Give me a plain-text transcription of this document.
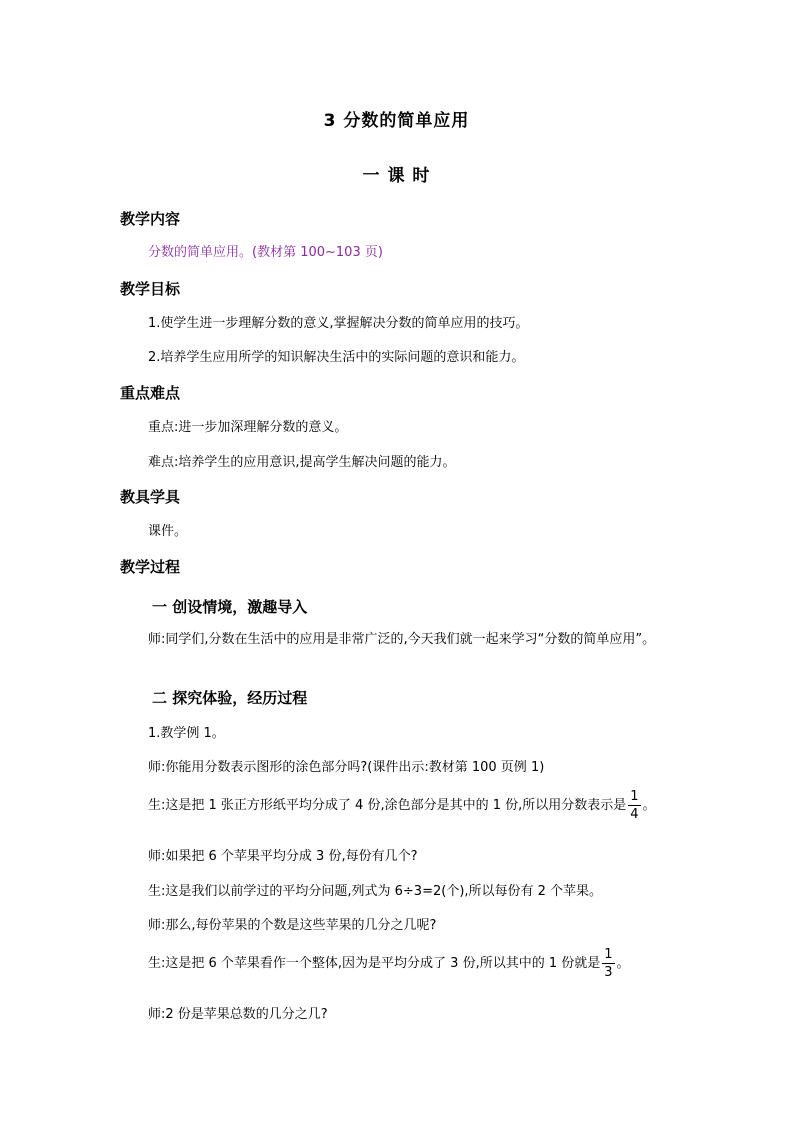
3 分数的简单应用
一 课 时
教学内容
分数的简单应用。(教材第 100~103 页)
教学目标
1.使学生进一步理解分数的意义,掌握解决分数的简单应用的技巧。
2.培养学生应用所学的知识解决生活中的实际问题的意识和能力。
重点难点
重点:进一步加深理解分数的意义。
难点:培养学生的应用意识,提高学生解决问题的能力。
教具学具
课件。
教学过程
一 创设情境，激趣导入
师:同学们,分数在生活中的应用是非常广泛的,今天我们就一起来学习“分数的简单应用”。
二 探究体验，经历过程
1.教学例 1。
师:你能用分数表示图形的涂色部分吗?(课件出示:教材第 100 页例 1)
生:这是把 1 张正方形纸平均分成了 4 份,涂色部分是其中的 1 份,所以用分数表示是 $\frac{1}{4}$ 。
师:如果把 6 个苹果平均分成 3 份,每份有几个?
生:这是我们以前学过的平均分问题,列式为 6÷3=2(个),所以每份有 2 个苹果。
师:那么,每份苹果的个数是这些苹果的几分之几呢?
生:这是把 6 个苹果看作一个整体,因为是平均分成了 3 份,所以其中的 1 份就是 $\frac{1}{3}$ 。
师:2 份是苹果总数的几分之几?
